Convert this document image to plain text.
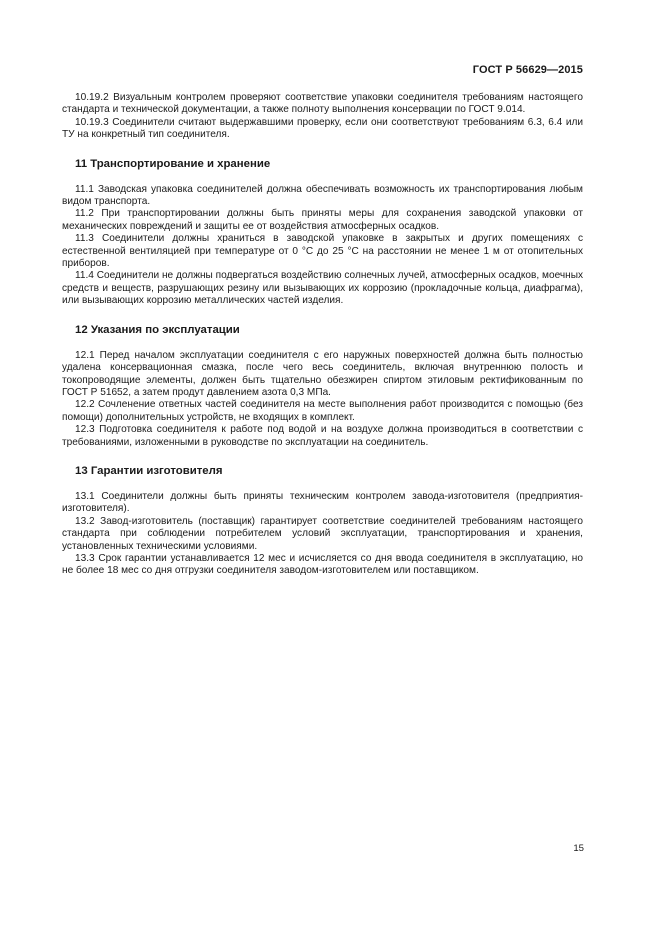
ГОСТ Р 56629—2015

10.19.2 Визуальным контролем проверяют соответствие упаковки соединителя требованиям настоящего стандарта и технической документации, а также полноту выполнения консервации по ГОСТ 9.014.

10.19.3 Соединители считают выдержавшими проверку, если они соответствуют требованиям 6.3, 6.4 или ТУ на конкретный тип соединителя.

11 Транспортирование и хранение

11.1 Заводская упаковка соединителей должна обеспечивать возможность их транспортирования любым видом транспорта.

11.2 При транспортировании должны быть приняты меры для сохранения заводской упаковки от механических повреждений и защиты ее от воздействия атмосферных осадков.

11.3 Соединители должны храниться в заводской упаковке в закрытых и других помещениях с естественной вентиляцией при температуре от 0 °С до 25 °С на расстоянии не менее 1 м от отопительных приборов.

11.4 Соединители не должны подвергаться воздействию солнечных лучей, атмосферных осадков, моечных средств и веществ, разрушающих резину или вызывающих их коррозию (прокладочные кольца, диафрагма), или вызывающих коррозию металлических частей изделия.

12 Указания по эксплуатации

12.1 Перед началом эксплуатации соединителя с его наружных поверхностей должна быть полностью удалена консервационная смазка, после чего весь соединитель, включая внутреннюю полость и токопроводящие элементы, должен быть тщательно обезжирен спиртом этиловым ректификованным по ГОСТ Р 51652, а затем продут давлением азота 0,3 МПа.

12.2 Сочленение ответных частей соединителя на месте выполнения работ производится с помощью (без помощи) дополнительных устройств, не входящих в комплект.

12.3 Подготовка соединителя к работе под водой и на воздухе должна производиться в соответствии с требованиями, изложенными в руководстве по эксплуатации на соединитель.

13 Гарантии изготовителя

13.1 Соединители должны быть приняты техническим контролем завода-изготовителя (предприятия-изготовителя).

13.2 Завод-изготовитель (поставщик) гарантирует соответствие соединителей требованиям настоящего стандарта при соблюдении потребителем условий эксплуатации, транспортирования и хранения, установленных техническими условиями.

13.3 Срок гарантии устанавливается 12 мес и исчисляется со дня ввода соединителя в эксплуатацию, но не более 18 мес со дня отгрузки соединителя заводом-изготовителем или поставщиком.

15
